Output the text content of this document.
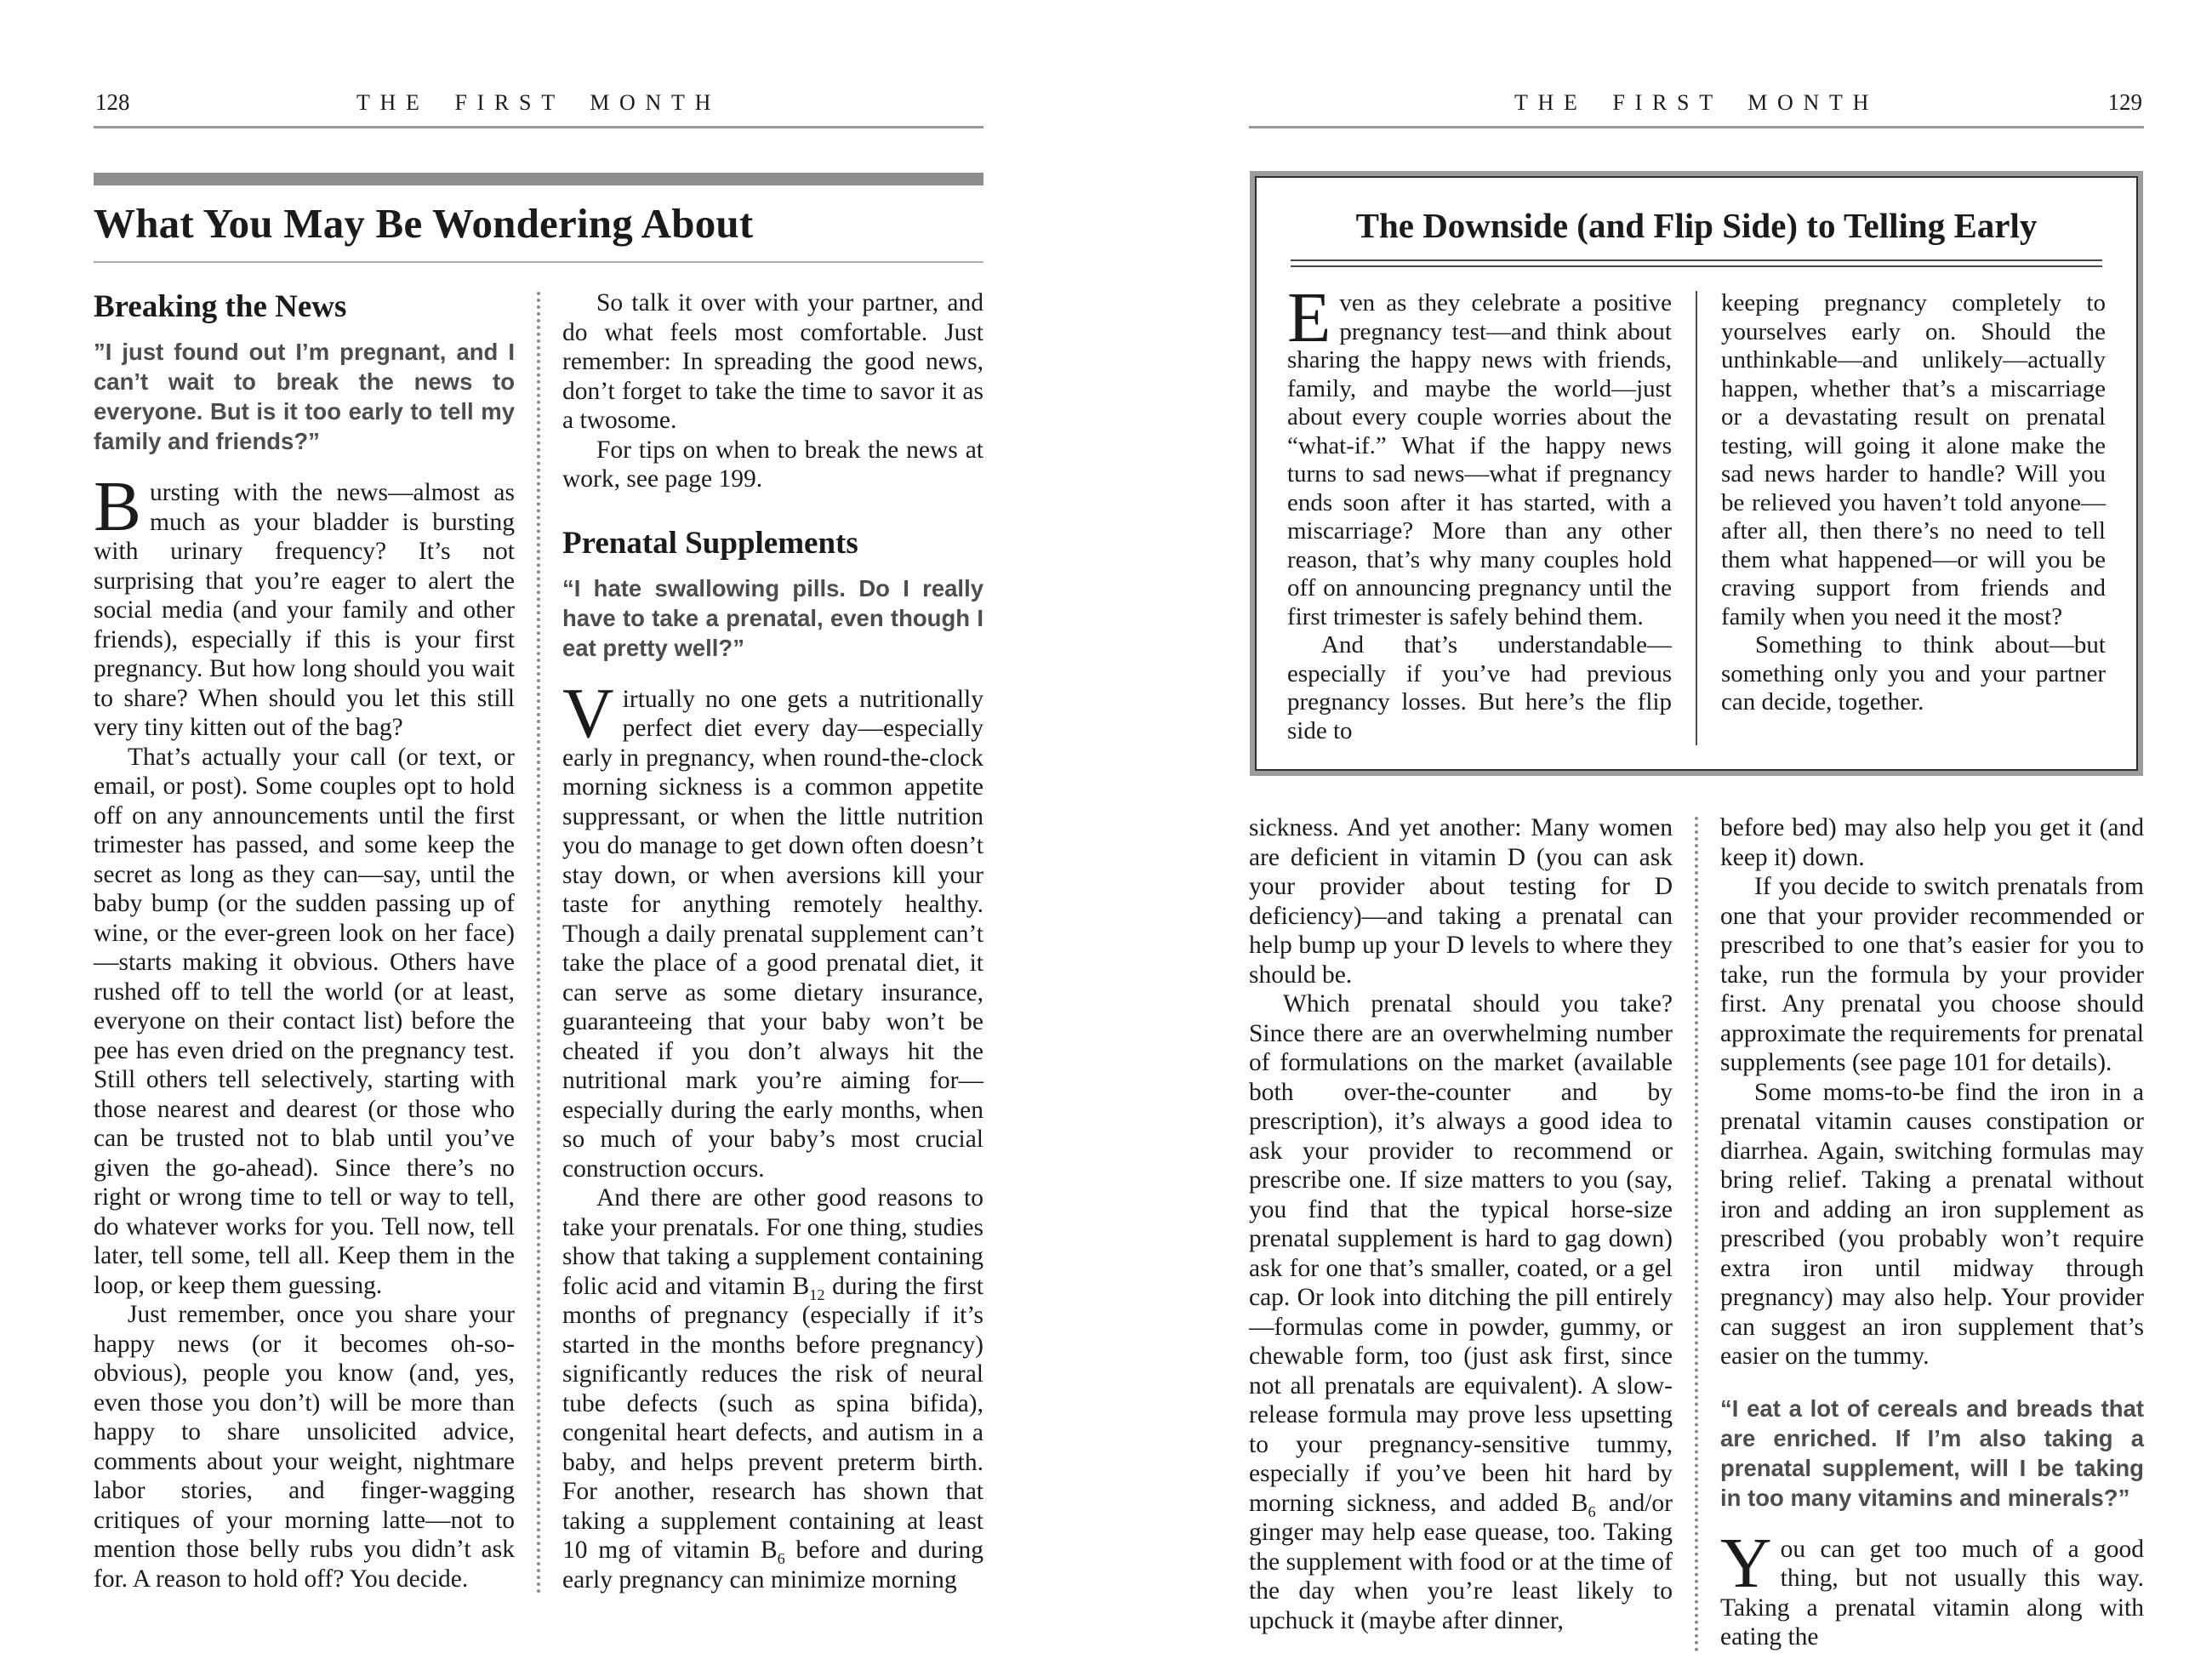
128	THE FIRST MONTH
What You May Be Wondering About
Breaking the News

”I just found out I’m pregnant, and I can’t wait to break the news to everyone. But is it too early to tell my family and friends?”

Bursting with the news—almost as much as your bladder is bursting with urinary frequency? It’s not surprising that you’re eager to alert the social media (and your family and other friends), especially if this is your first pregnancy. But how long should you wait to share? When should you let this still very tiny kitten out of the bag?

That’s actually your call (or text, or email, or post). Some couples opt to hold off on any announcements until the first trimester has passed, and some keep the secret as long as they can—say, until the baby bump (or the sudden passing up of wine, or the ever-green look on her face)—starts making it obvious. Others have rushed off to tell the world (or at least, everyone on their contact list) before the pee has even dried on the pregnancy test. Still others tell selectively, starting with those nearest and dearest (or those who can be trusted not to blab until you’ve given the go-ahead). Since there’s no right or wrong time to tell or way to tell, do whatever works for you. Tell now, tell later, tell some, tell all. Keep them in the loop, or keep them guessing.

Just remember, once you share your happy news (or it becomes oh-so-obvious), people you know (and, yes, even those you don’t) will be more than happy to share unsolicited advice, comments about your weight, nightmare labor stories, and finger-wagging critiques of your morning latte—not to mention those belly rubs you didn’t ask for. A reason to hold off? You decide.

So talk it over with your partner, and do what feels most comfortable. Just remember: In spreading the good news, don’t forget to take the time to savor it as a twosome.

For tips on when to break the news at work, see page 199.

Prenatal Supplements

“I hate swallowing pills. Do I really have to take a prenatal, even though I eat pretty well?”

Virtually no one gets a nutritionally perfect diet every day—especially early in pregnancy, when round-the-clock morning sickness is a common appetite suppressant, or when the little nutrition you do manage to get down often doesn’t stay down, or when aversions kill your taste for anything remotely healthy. Though a daily prenatal supplement can’t take the place of a good prenatal diet, it can serve as some dietary insurance, guaranteeing that your baby won’t be cheated if you don’t always hit the nutritional mark you’re aiming for—especially during the early months, when so much of your baby’s most crucial construction occurs.

And there are other good reasons to take your prenatals. For one thing, studies show that taking a supplement containing folic acid and vitamin $B_{12}$ during the first months of pregnancy (especially if it’s started in the months before pregnancy) significantly reduces the risk of neural tube defects (such as spina bifida), congenital heart defects, and autism in a baby, and helps prevent preterm birth. For another, research has shown that taking a supplement containing at least 10 mg of vitamin $B_6$ before and during early pregnancy can minimize morning

THE FIRST MONTH	129
The Downside (and Flip Side) to Telling Early

Even as they celebrate a positive pregnancy test—and think about sharing the happy news with friends, family, and maybe the world—just about every couple worries about the “what-if.” What if the happy news turns to sad news—what if pregnancy ends soon after it has started, with a miscarriage? More than any other reason, that’s why many couples hold off on announcing pregnancy until the first trimester is safely behind them.

And that’s understandable—especially if you’ve had previous pregnancy losses. But here’s the flip side to

keeping pregnancy completely to yourselves early on. Should the unthinkable—and unlikely—actually happen, whether that’s a miscarriage or a devastating result on prenatal testing, will going it alone make the sad news harder to handle? Will you be relieved you haven’t told anyone—after all, then there’s no need to tell them what happened—or will you be craving support from friends and family when you need it the most?

Something to think about—but something only you and your partner can decide, together.

sickness. And yet another: Many women are deficient in vitamin D (you can ask your provider about testing for D deficiency)—and taking a prenatal can help bump up your D levels to where they should be.

Which prenatal should you take? Since there are an overwhelming number of formulations on the market (available both over-the-counter and by prescription), it’s always a good idea to ask your provider to recommend or prescribe one. If size matters to you (say, you find that the typical horse-size prenatal supplement is hard to gag down) ask for one that’s smaller, coated, or a gel cap. Or look into ditching the pill entirely—formulas come in powder, gummy, or chewable form, too (just ask first, since not all prenatals are equivalent). A slow-release formula may prove less upsetting to your pregnancy-sensitive tummy, especially if you’ve been hit hard by morning sickness, and added $B_6$ and/or ginger may help ease quease, too. Taking the supplement with food or at the time of the day when you’re least likely to upchuck it (maybe after dinner,

before bed) may also help you get it (and keep it) down.

If you decide to switch prenatals from one that your provider recommended or prescribed to one that’s easier for you to take, run the formula by your provider first. Any prenatal you choose should approximate the requirements for prenatal supplements (see page 101 for details).

Some moms-to-be find the iron in a prenatal vitamin causes constipation or diarrhea. Again, switching formulas may bring relief. Taking a prenatal without iron and adding an iron supplement as prescribed (you probably won’t require extra iron until midway through pregnancy) may also help. Your provider can suggest an iron supplement that’s easier on the tummy.

“I eat a lot of cereals and breads that are enriched. If I’m also taking a prenatal supplement, will I be taking in too many vitamins and minerals?”

You can get too much of a good thing, but not usually this way. Taking a prenatal vitamin along with eating the
